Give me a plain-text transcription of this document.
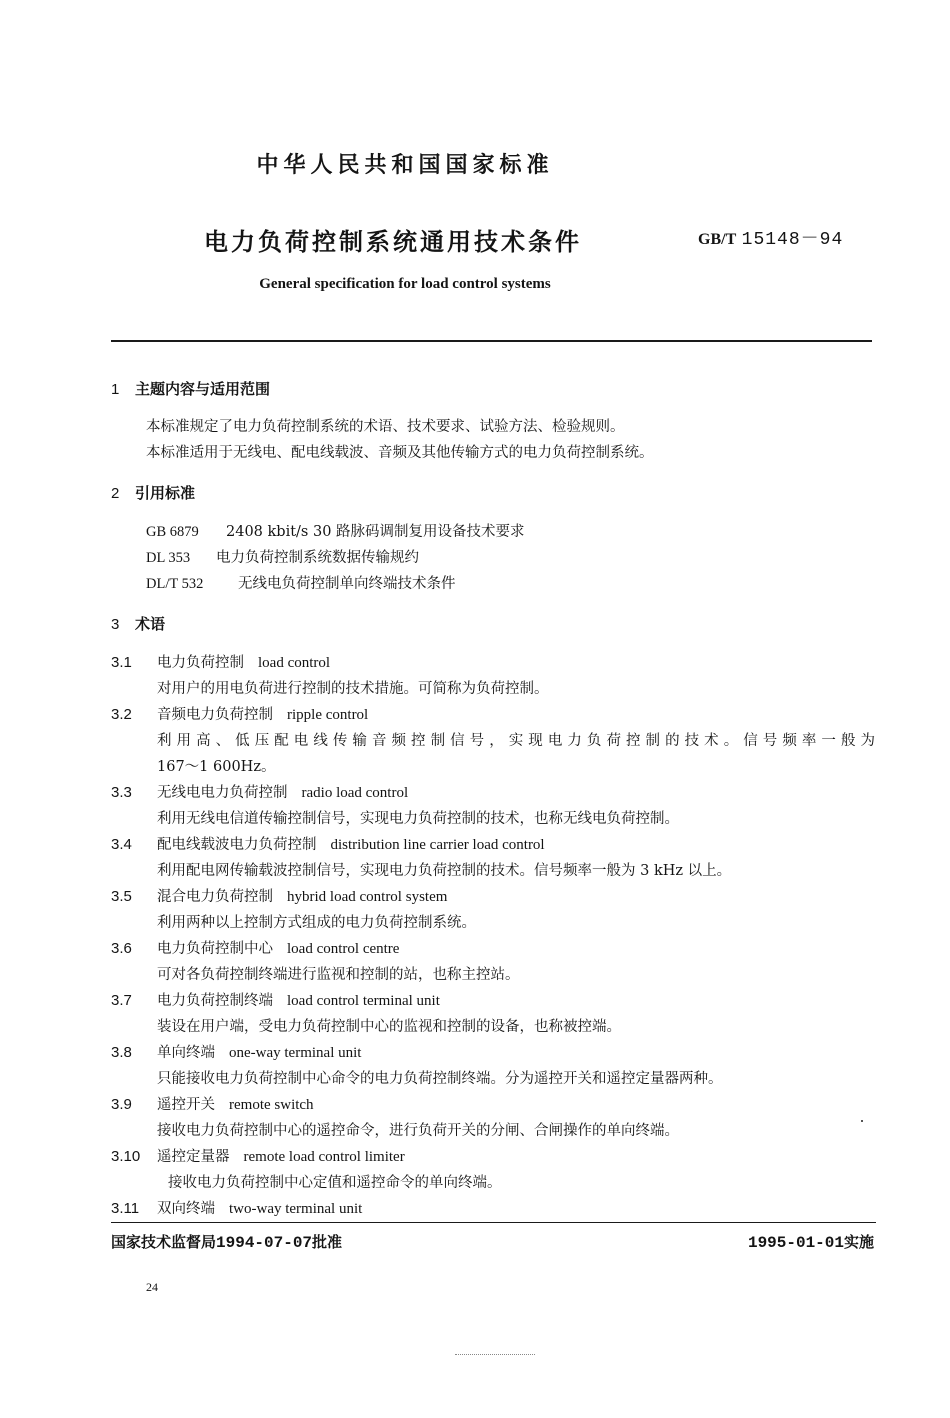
中华人民共和国国家标准
电力负荷控制系统通用技术条件	GB/T 15148－94
General specification for load control systems
1 主题内容与适用范围
本标准规定了电力负荷控制系统的术语、技术要求、试验方法、检验规则。
本标准适用于无线电、配电线载波、音频及其他传输方式的电力负荷控制系统。
2 引用标准
GB 6879 2408 kbit/s 30 路脉码调制复用设备技术要求
DL 353 电力负荷控制系统数据传输规约
DL/T 532 无线电负荷控制单向终端技术条件
3 术语
3.1 电力负荷控制 load control
对用户的用电负荷进行控制的技术措施。可简称为负荷控制。
3.2 音频电力负荷控制 ripple control
利用高、低压配电线传输音频控制信号，实现电力负荷控制的技术。信号频率一般为
167～1 600Hz。
3.3 无线电电力负荷控制 radio load control
利用无线电信道传输控制信号，实现电力负荷控制的技术，也称无线电负荷控制。
3.4 配电线载波电力负荷控制 distribution line carrier load control
利用配电网传输载波控制信号，实现电力负荷控制的技术。信号频率一般为 3 kHz 以上。
3.5 混合电力负荷控制 hybrid load control system
利用两种以上控制方式组成的电力负荷控制系统。
3.6 电力负荷控制中心 load control centre
可对各负荷控制终端进行监视和控制的站，也称主控站。
3.7 电力负荷控制终端 load control terminal unit
装设在用户端，受电力负荷控制中心的监视和控制的设备，也称被控端。
3.8 单向终端 one-way terminal unit
只能接收电力负荷控制中心命令的电力负荷控制终端。分为遥控开关和遥控定量器两种。
3.9 遥控开关 remote switch
接收电力负荷控制中心的遥控命令，进行负荷开关的分闸、合闸操作的单向终端。
3.10 遥控定量器 remote load control limiter
接收电力负荷控制中心定值和遥控命令的单向终端。
3.11 双向终端 two-way terminal unit
国家技术监督局1994-07-07批准	1995-01-01实施
24
